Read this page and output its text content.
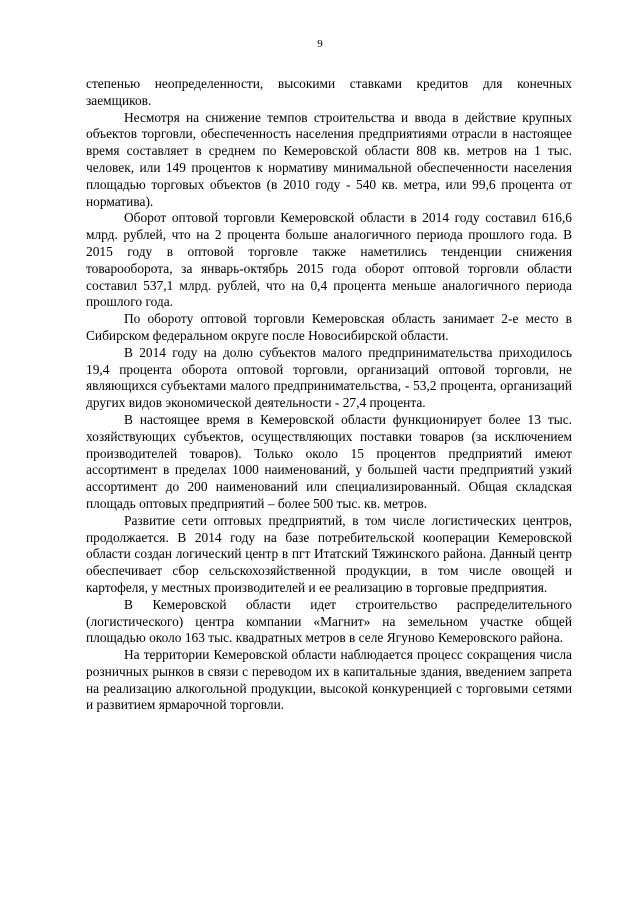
9

степенью неопределенности, высокими ставками кредитов для конечных заемщиков.

Несмотря на снижение темпов строительства и ввода в действие крупных объектов торговли, обеспеченность населения предприятиями отрасли в настоящее время составляет в среднем по Кемеровской области 808 кв. метров на 1 тыс. человек, или 149 процентов к нормативу минимальной обеспеченности населения площадью торговых объектов (в 2010 году - 540 кв. метра, или 99,6 процента от норматива).

Оборот оптовой торговли Кемеровской области в 2014 году составил 616,6 млрд. рублей, что на 2 процента больше аналогичного периода прошлого года. В 2015 году в оптовой торговле также наметились тенденции снижения товарооборота, за январь-октябрь 2015 года оборот оптовой торговли области составил 537,1 млрд. рублей, что на 0,4 процента меньше аналогичного периода прошлого года.

По обороту оптовой торговли Кемеровская область занимает 2-е место в Сибирском федеральном округе после Новосибирской области.

В 2014 году на долю субъектов малого предпринимательства приходилось 19,4 процента оборота оптовой торговли, организаций оптовой торговли, не являющихся субъектами малого предпринимательства, - 53,2 процента, организаций других видов экономической деятельности - 27,4 процента.

В настоящее время в Кемеровской области функционирует более 13 тыс. хозяйствующих субъектов, осуществляющих поставки товаров (за исключением производителей товаров). Только около 15 процентов предприятий имеют ассортимент в пределах 1000 наименований, у большей части предприятий узкий ассортимент до 200 наименований или специализированный. Общая складская площадь оптовых предприятий – более 500 тыс. кв. метров.

Развитие сети оптовых предприятий, в том числе логистических центров, продолжается. В 2014 году на базе потребительской кооперации Кемеровской области создан логический центр в пгт Итатский Тяжинского района. Данный центр обеспечивает сбор сельскохозяйственной продукции, в том числе овощей и картофеля, у местных производителей и ее реализацию в торговые предприятия.

В Кемеровской области идет строительство распределительного (логистического) центра компании «Магнит» на земельном участке общей площадью около 163 тыс. квадратных метров в селе Ягуново Кемеровского района.

На территории Кемеровской области наблюдается процесс сокращения числа розничных рынков в связи с переводом их в капитальные здания, введением запрета на реализацию алкогольной продукции, высокой конкуренцией с торговыми сетями и развитием ярмарочной торговли.
